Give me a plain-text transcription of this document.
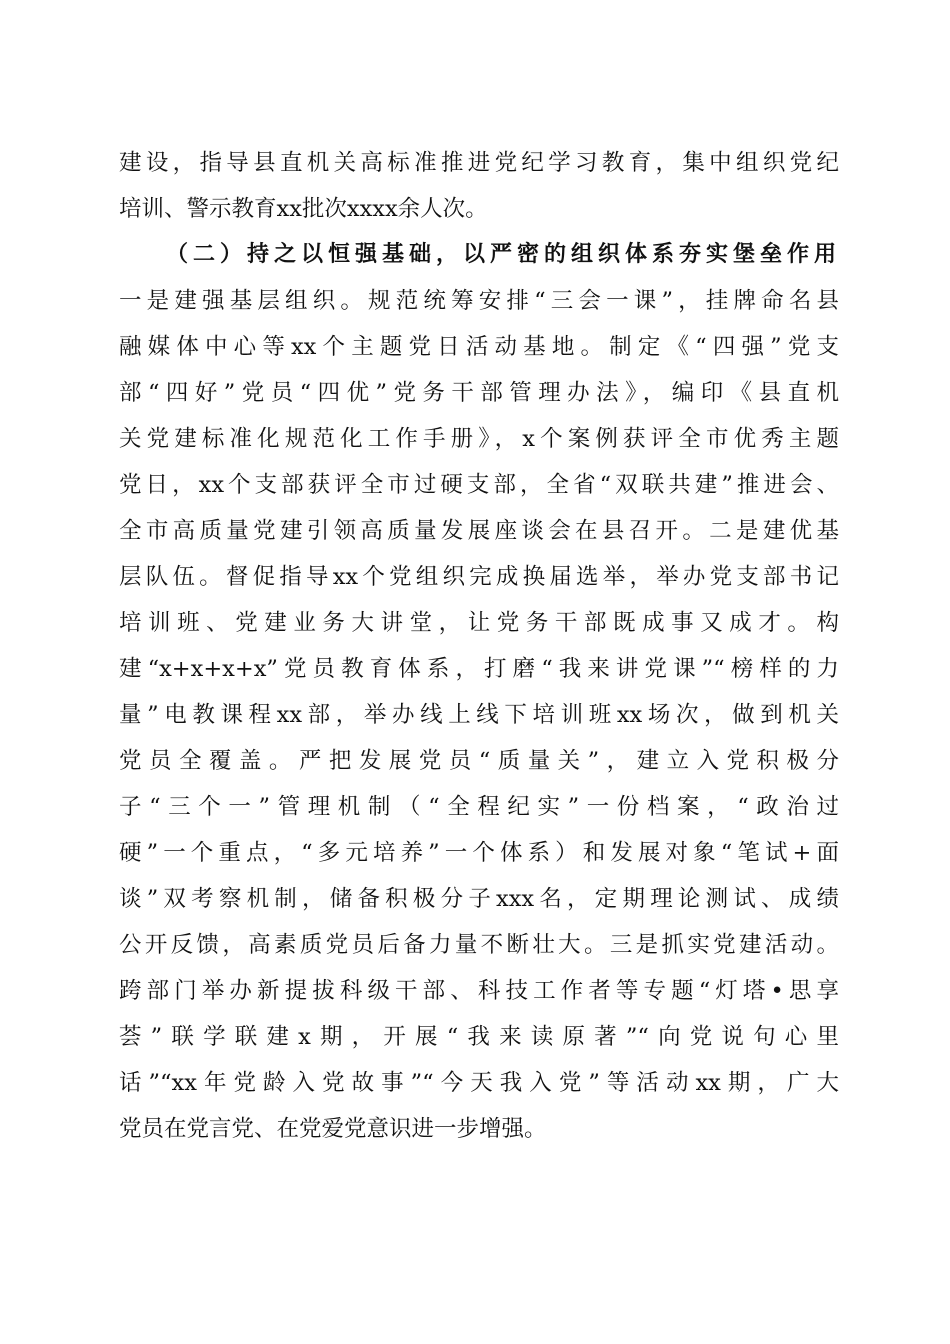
建设，指导县直机关高标准推进党纪学习教育，集中组织党纪
培训、警示教育xx批次xxxx余人次。
（二）持之以恒强基础，以严密的组织体系夯实堡垒作用
一是建强基层组织。规范统筹安排“三会一课”，挂牌命名县
融媒体中心等xx个主题党日活动基地。制定《“四强”党支
部“四好”党员“四优”党务干部管理办法》，编印《县直机
关党建标准化规范化工作手册》，x个案例获评全市优秀主题
党日，xx个支部获评全市过硬支部，全省“双联共建”推进会、
全市高质量党建引领高质量发展座谈会在县召开。二是建优基
层队伍。督促指导xx个党组织完成换届选举，举办党支部书记
培训班、党建业务大讲堂，让党务干部既成事又成才。构
建“x+x+x+x”党员教育体系，打磨“我来讲党课”“榜样的力
量”电教课程xx部，举办线上线下培训班xx场次，做到机关
党员全覆盖。严把发展党员“质量关”，建立入党积极分
子“三个一”管理机制（“全程纪实”一份档案，“政治过
硬”一个重点，“多元培养”一个体系）和发展对象“笔试+面
谈”双考察机制，储备积极分子xxx名，定期理论测试、成绩
公开反馈，高素质党员后备力量不断壮大。三是抓实党建活动。
跨部门举办新提拔科级干部、科技工作者等专题“灯塔•思享
荟”联学联建x期，开展“我来读原著”“向党说句心里
话”“xx年党龄入党故事”“今天我入党”等活动xx期，广大
党员在党言党、在党爱党意识进一步增强。
